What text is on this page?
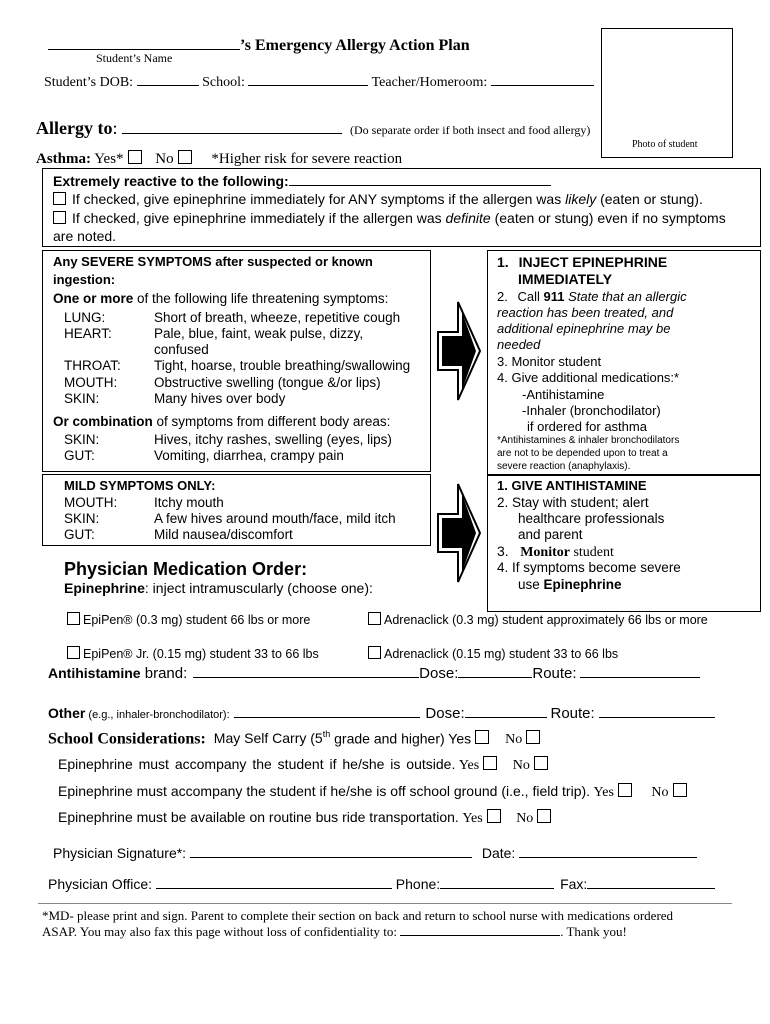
’s Emergency Allergy Action Plan
Student’s Name
Student’s DOB:	School:	Teacher/Homeroom:
Photo of student
Allergy to:	(Do separate order if both insect and food allergy)
Asthma: Yes* No	*Higher risk for severe reaction
Extremely reactive to the following:
If checked, give epinephrine immediately for ANY symptoms if the allergen was likely (eaten or stung).
If checked, give epinephrine immediately if the allergen was definite (eaten or stung) even if no symptoms
are noted.
Any SEVERE SYMPTOMS after suspected or known
ingestion:
One or more of the following life threatening symptoms:
LUNG:	Short of breath, wheeze, repetitive cough
HEART:	Pale, blue, faint, weak pulse, dizzy,
confused
THROAT: Tight, hoarse, trouble breathing/swallowing
MOUTH:	Obstructive swelling (tongue &/or lips)
SKIN:	Many hives over body
Or combination of symptoms from different body areas:
SKIN:	Hives, itchy rashes, swelling (eyes, lips)
GUT:	Vomiting, diarrhea, crampy pain
1. INJECT EPINEPHRINE
IMMEDIATELY
2. Call 911 State that an allergic
reaction has been treated, and
additional epinephrine may be
needed
3. Monitor student
4. Give additional medications:*
-Antihistamine
-Inhaler (bronchodilator)
if ordered for asthma
*Antihistamines & inhaler bronchodilators
are not to be depended upon to treat a
severe reaction (anaphylaxis).
MILD SYMPTOMS ONLY:
MOUTH:	Itchy mouth
SKIN:	A few hives around mouth/face, mild itch
GUT:	Mild nausea/discomfort
1. GIVE ANTIHISTAMINE
2. Stay with student; alert
healthcare professionals
and parent
3. Monitor student
4. If symptoms become severe
use Epinephrine
Physician Medication Order:
Epinephrine: inject intramuscularly (choose one):
EpiPen® (0.3 mg) student 66 lbs or more	Adrenaclick (0.3 mg) student approximately 66 lbs or more
EpiPen® Jr. (0.15 mg) student 33 to 66 lbs	Adrenaclick (0.15 mg) student 33 to 66 lbs
Antihistamine brand:	Dose:	Route:
Other (e.g., inhaler-bronchodilator):	Dose:	Route:
School Considerations: May Self Carry (5th grade and higher) Yes No
Epinephrine must accompany the student if he/she is outside. Yes No
Epinephrine must accompany the student if he/she is off school ground (i.e., field trip). Yes	No
Epinephrine must be available on routine bus ride transportation. Yes No
Physician Signature*:	Date:
Physician Office:	Phone:	Fax:
*MD- please print and sign. Parent to complete their section on back and return to school nurse with medications ordered
ASAP. You may also fax this page without loss of confidentiality to:	. Thank you!
